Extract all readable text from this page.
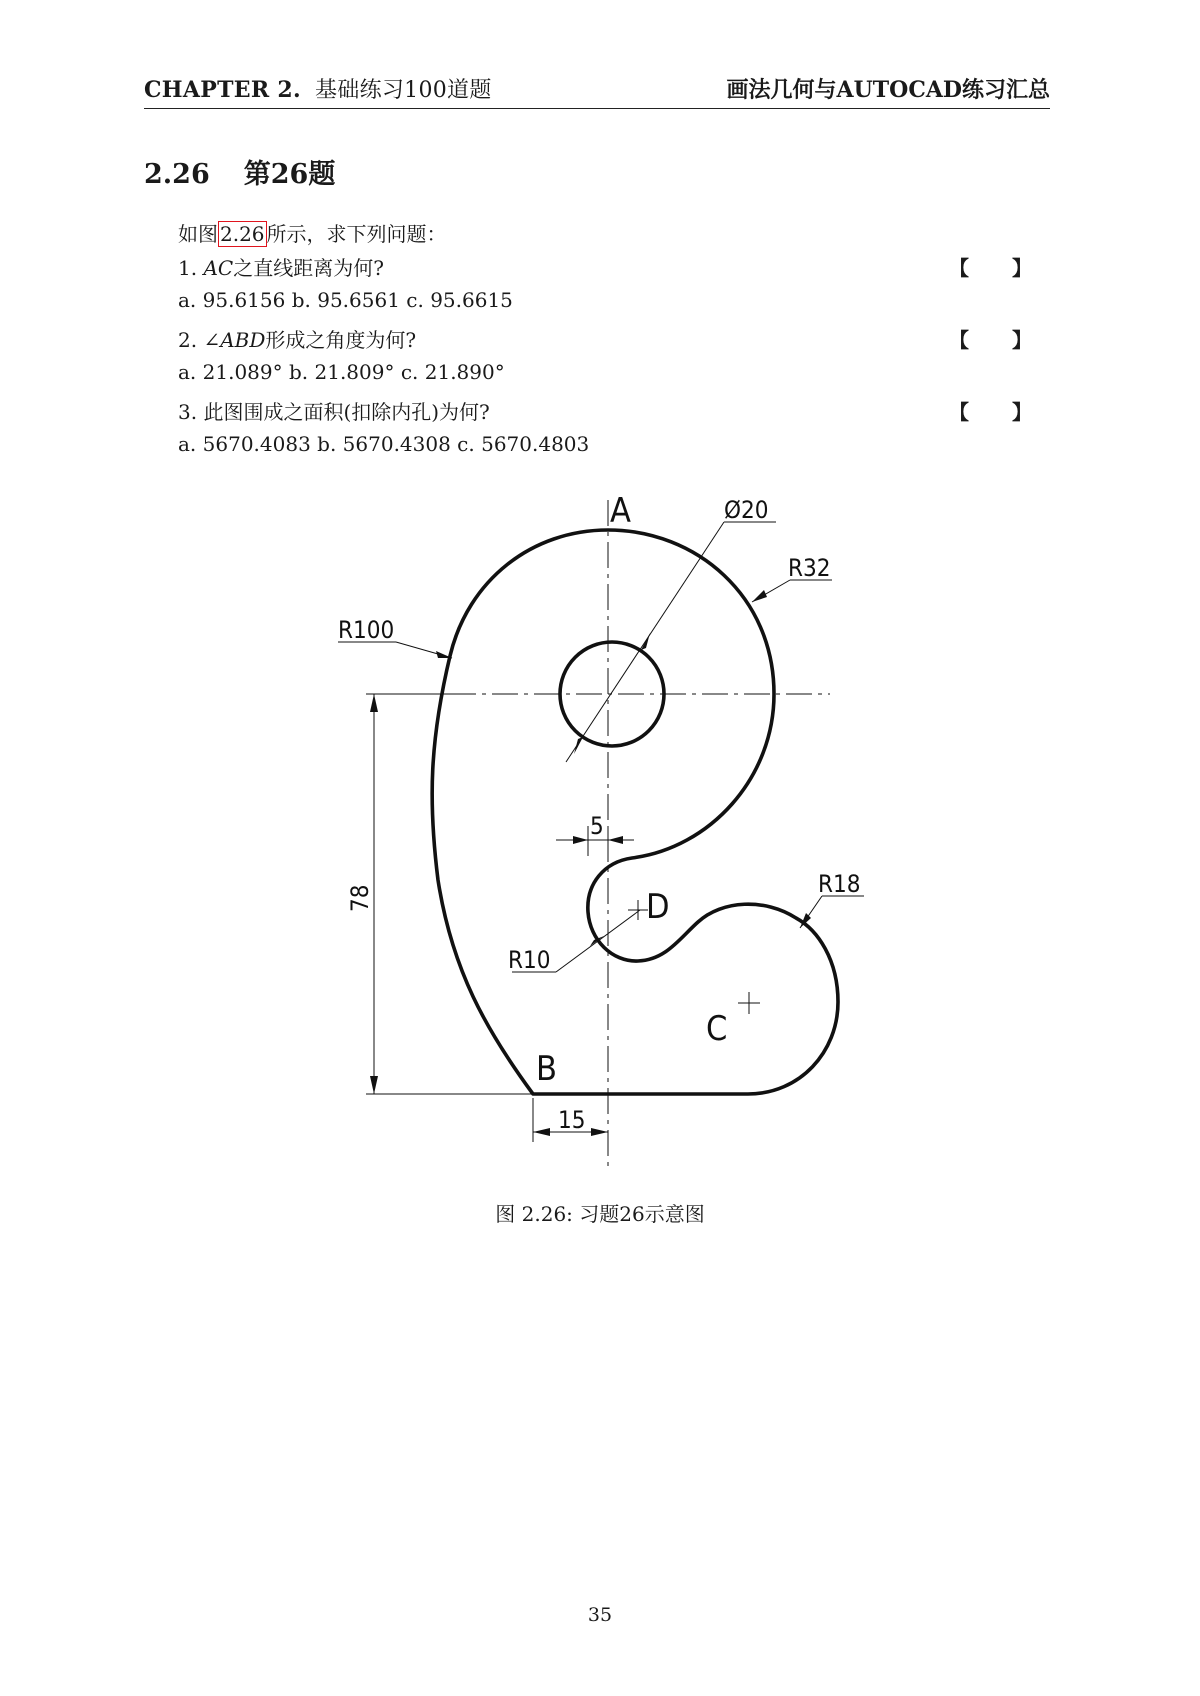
CHAPTER 2. 基础练习100道题	画法几何与AUTOCAD练习汇总
2.26 第26题
如图 2.26 所示，求下列问题：
1. AC之直线距离为何?	【 】
a. 95.6156 b. 95.6561 c. 95.6615
2. ∠ABD形成之角度为何?	【 】
a. 21.089° b. 21.809° c. 21.890°
3. 此图围成之面积(扣除内孔)为何?	【 】
a. 5670.4083 b. 5670.4308 c. 5670.4803
A
B
C
D
Ø20
R32
R100
R18
R10
5
78
15
图 2.26: 习题26示意图
35
